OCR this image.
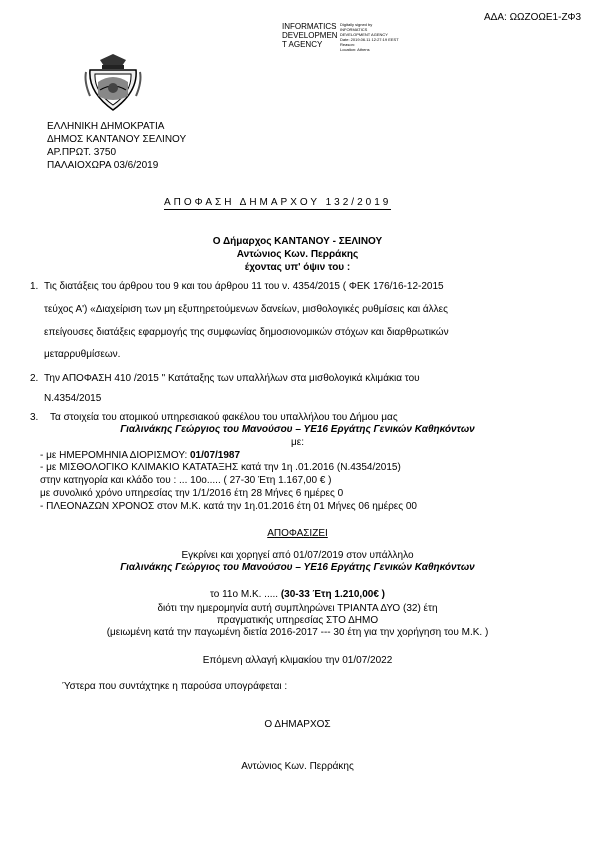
ΑΔΑ: ΩΩΖΟΩΕ1-ΖΦ3
INFORMATICS
DEVELOPMEN
T AGENCY
Digitally signed by
INFORMATICS
DEVELOPMENT AGENCY
Date: 2019.06.11 12:27:19 EEST
Reason:
Location: Athens
ΕΛΛΗΝΙΚΗ ΔΗΜΟΚΡΑΤΙΑ
ΔΗΜΟΣ ΚΑΝΤΑΝΟΥ ΣΕΛΙΝΟΥ
ΑΡ.ΠΡΩΤ. 3750
ΠΑΛΑΙΟΧΩΡΑ 03/6/2019
ΑΠΟΦΑΣΗ ΔΗΜΑΡΧΟΥ 132/2019
Ο Δήμαρχος ΚΑΝΤΑΝΟΥ - ΣΕΛΙΝΟΥ
Αντώνιος Κων. Περράκης
έχοντας υπ' όψιν του :
1. Τις διατάξεις του άρθρου του 9 και του άρθρου 11 του ν. 4354/2015 ( ΦΕΚ 176/16-12-2015
τεύχος Α') «Διαχείριση των μη εξυπηρετούμενων δανείων, μισθολογικές ρυθμίσεις και άλλες
επείγουσες διατάξεις εφαρμογής της συμφωνίας δημοσιονομικών στόχων και διαρθρωτικών
μεταρρυθμίσεων.
2. Την ΑΠΟΦΑΣΗ 410 /2015 " Κατάταξης των υπαλλήλων στα μισθολογικά κλιμάκια του
Ν.4354/2015
3. Τα στοιχεία του ατομικού υπηρεσιακού φακέλου του υπαλλήλου του Δήμου μας
Γιαλινάκης Γεώργιος του Μανούσου – ΥΕ16 Εργάτης Γενικών Καθηκόντων
με:
- με ΗΜΕΡΟΜΗΝΙΑ ΔΙΟΡΙΣΜΟΥ: 01/07/1987
- με ΜΙΣΘΟΛΟΓΙΚΟ ΚΛΙΜΑΚΙΟ ΚΑΤΑΤΑΞΗΣ κατά την 1η .01.2016 (Ν.4354/2015)
στην κατηγορία και κλάδο του : ... 10ο..... ( 27-30 Έτη 1.167,00 € )
με συνολικό χρόνο υπηρεσίας την 1/1/2016 έτη 28 Μήνες 6 ημέρες 0
- ΠΛΕΟΝΑΖΩΝ ΧΡΟΝΟΣ στον Μ.Κ. κατά την 1η.01.2016 έτη 01 Μήνες 06 ημέρες 00
ΑΠΟΦΑΣΙΖΕΙ
Εγκρίνει και χορηγεί από 01/07/2019 στον υπάλληλο
Γιαλινάκης Γεώργιος του Μανούσου – ΥΕ16 Εργάτης Γενικών Καθηκόντων
το 11ο Μ.Κ. ..... (30-33 Έτη 1.210,00€ )
διότι την ημερομηνία αυτή συμπληρώνει ΤΡΙΑΝΤΑ ΔΥΟ (32) έτη
πραγματικής υπηρεσίας ΣΤΟ ΔΗΜΟ
(μειωμένη κατά την παγωμένη διετία 2016-2017 --- 30 έτη για την χορήγηση του Μ.Κ. )
Επόμενη αλλαγή κλιμακίου την 01/07/2022
Ύστερα που συντάχτηκε η παρούσα υπογράφεται :
Ο ΔΗΜΑΡΧΟΣ
Αντώνιος Κων. Περράκης
